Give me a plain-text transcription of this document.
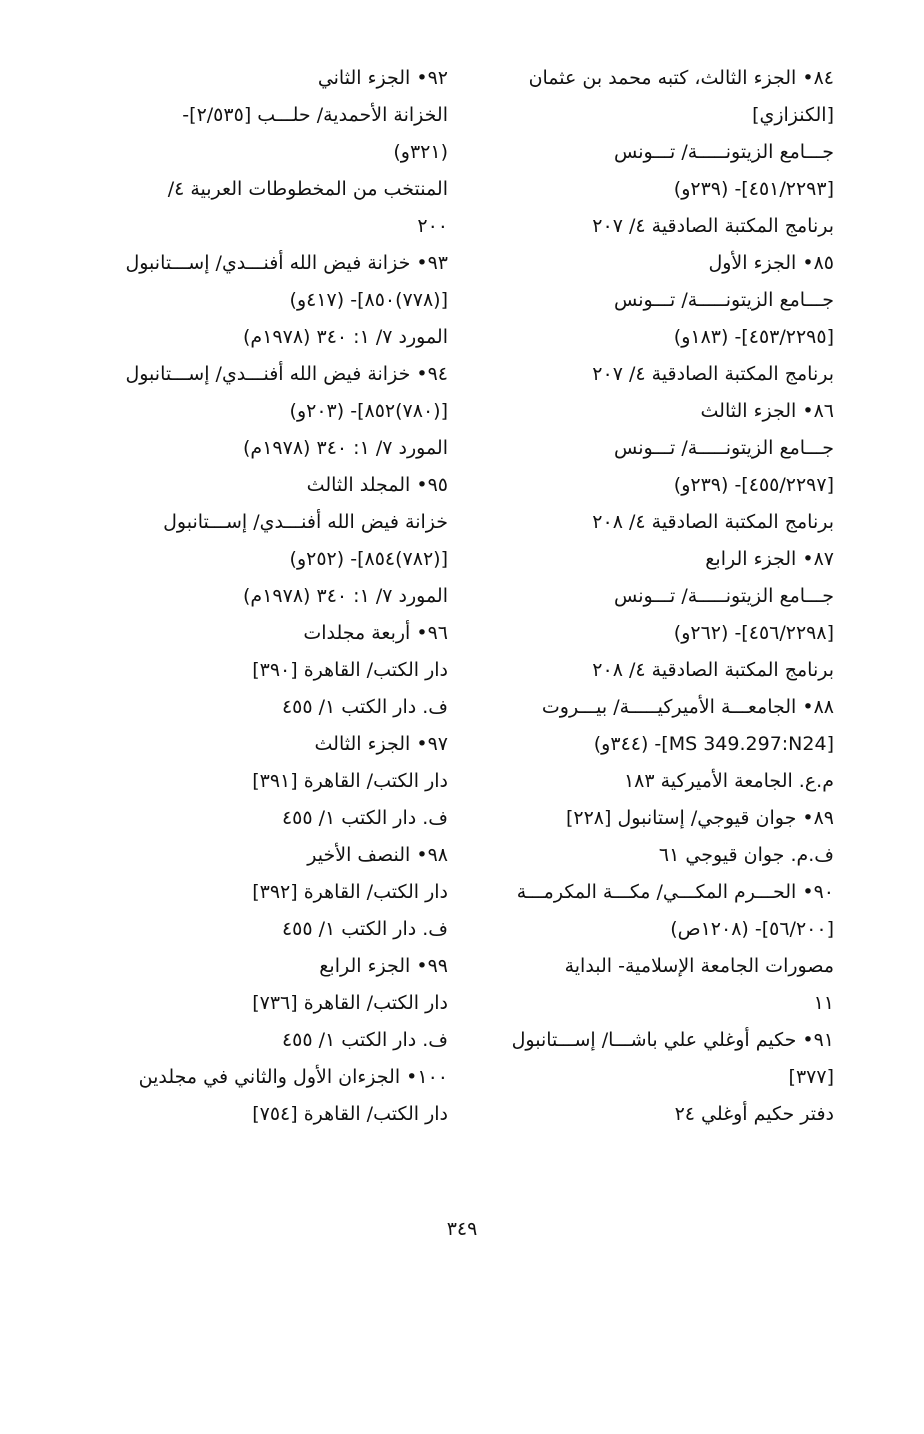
٨٤• الجزء الثالث، كتبه محمد بن عثمان
[الكنزازي]
جـــامع الزيتونـــــة/ تـــونس
[٤٥١/٢٢٩٣]- (٢٣٩و)
برنامج المكتبة الصادقية ٤/ ٢٠٧
٨٥• الجزء الأول
جـــامع الزيتونـــــة/ تـــونس
[٤٥٣/٢٢٩٥]- (١٨٣و)
برنامج المكتبة الصادقية ٤/ ٢٠٧
٨٦• الجزء الثالث
جـــامع الزيتونـــــة/ تـــونس
[٤٥٥/٢٢٩٧]- (٢٣٩و)
برنامج المكتبة الصادقية ٤/ ٢٠٨
٨٧• الجزء الرابع
جـــامع الزيتونـــــة/ تـــونس
[٤٥٦/٢٢٩٨]- (٢٦٢و)
برنامج المكتبة الصادقية ٤/ ٢٠٨
٨٨• الجامعـــة الأميركيـــــة/ بيـــروت
[MS 349.297:N24]- (٣٤٤و)
م.ع. الجامعة الأميركية ١٨٣
٨٩• جوان قيوجي/ إستانبول [٢٢٨]
ف.م. جوان قيوجي ٦١
٩٠• الحـــرم المكـــي/ مكـــة المكرمـــة
[٥٦/٢٠٠]- (١٢٠٨ص)
مصورات الجامعة الإسلامية- البداية
١١
٩١• حكيم أوغلي علي باشـــا/ إســـتانبول
[٣٧٧]
دفتر حكيم أوغلي ٢٤
٩٢• الجزء الثاني
الخزانة الأحمدية/ حلـــب [٢/٥٣٥]-
(٣٢١و)
المنتخب من المخطوطات العربية ٤/
٢٠٠
٩٣• خزانة فيض الله أفنـــدي/ إســـتانبول
[(٧٧٨)٨٥٠]- (٤١٧و)
المورد ٧/ ١: ٣٤٠ (١٩٧٨م)
٩٤• خزانة فيض الله أفنـــدي/ إســـتانبول
[(٧٨٠)٨٥٢]- (٢٠٣و)
المورد ٧/ ١: ٣٤٠ (١٩٧٨م)
٩٥• المجلد الثالث
خزانة فيض الله أفنـــدي/ إســـتانبول
[(٧٨٢)٨٥٤]- (٢٥٢و)
المورد ٧/ ١: ٣٤٠ (١٩٧٨م)
٩٦• أربعة مجلدات
دار الكتب/ القاهرة [٣٩٠]
ف. دار الكتب ١/ ٤٥٥
٩٧• الجزء الثالث
دار الكتب/ القاهرة [٣٩١]
ف. دار الكتب ١/ ٤٥٥
٩٨• النصف الأخير
دار الكتب/ القاهرة [٣٩٢]
ف. دار الكتب ١/ ٤٥٥
٩٩• الجزء الرابع
دار الكتب/ القاهرة [٧٣٦]
ف. دار الكتب ١/ ٤٥٥
١٠٠• الجزءان الأول والثاني في مجلدين
دار الكتب/ القاهرة [٧٥٤]
٣٤٩
